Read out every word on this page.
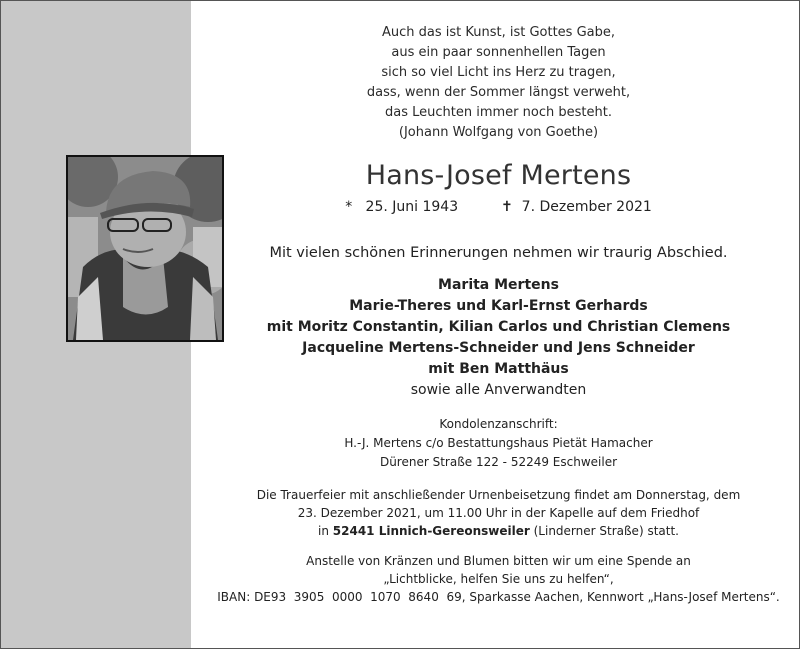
Auch das ist Kunst, ist Gottes Gabe,
aus ein paar sonnenhellen Tagen
sich so viel Licht ins Herz zu tragen,
dass, wenn der Sommer längst verweht,
das Leuchten immer noch besteht.
(Johann Wolfgang von Goethe)
Hans-Josef Mertens
* 25. Juni 1943	✝ 7. Dezember 2021
Mit vielen schönen Erinnerungen nehmen wir traurig Abschied.
Marita Mertens
Marie-Theres und Karl-Ernst Gerhards
mit Moritz Constantin, Kilian Carlos und Christian Clemens
Jacqueline Mertens-Schneider und Jens Schneider
mit Ben Matthäus
sowie alle Anverwandten
Kondolenzanschrift:
H.-J. Mertens c/o Bestattungshaus Pietät Hamacher
Dürener Straße 122 - 52249 Eschweiler
Die Trauerfeier mit anschließender Urnenbeisetzung findet am Donnerstag, dem
23. Dezember 2021, um 11.00 Uhr in der Kapelle auf dem Friedhof
in 52441 Linnich-Gereonsweiler (Linderner Straße) statt.
Anstelle von Kränzen und Blumen bitten wir um eine Spende an
„Lichtblicke, helfen Sie uns zu helfen“,
IBAN: DE93  3905  0000  1070  8640  69, Sparkasse Aachen, Kennwort „Hans-Josef Mertens“.
